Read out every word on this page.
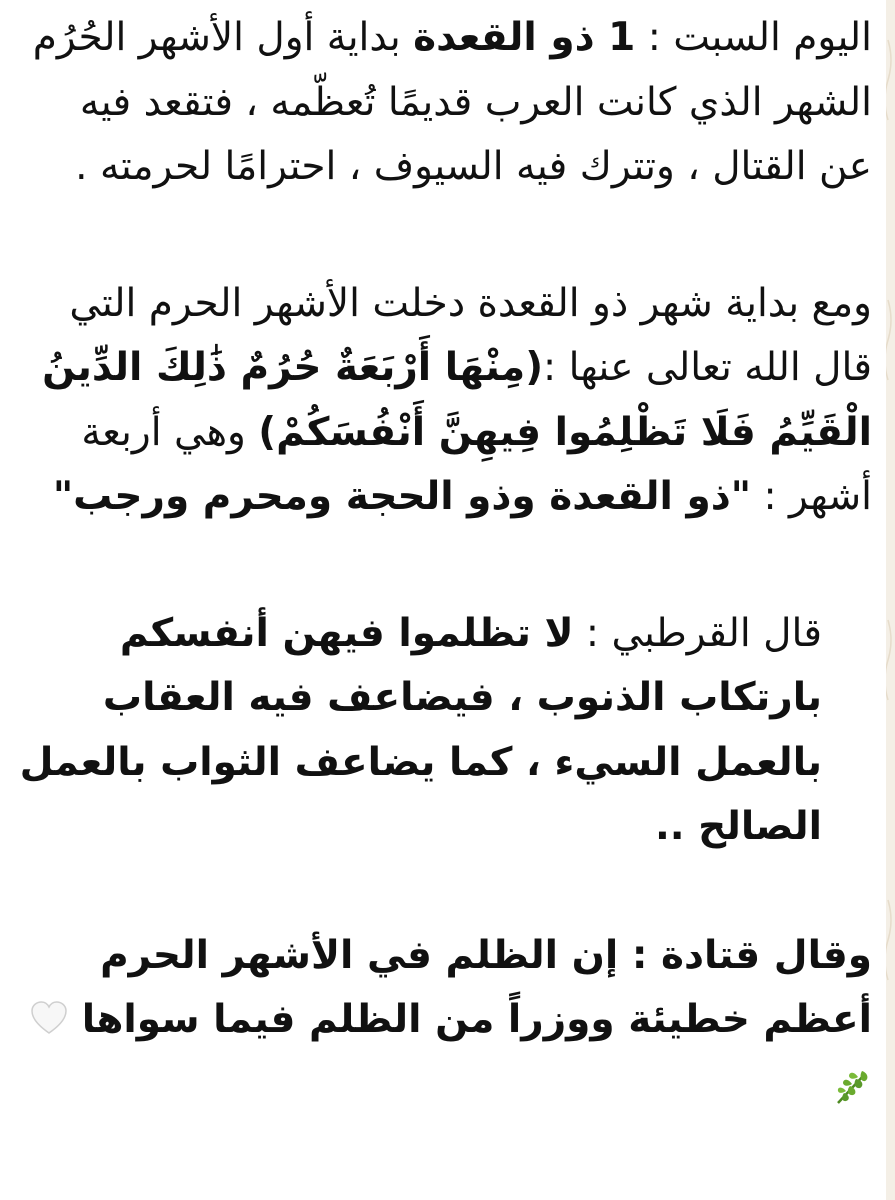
اليوم السبت : 1 ذو القعدة بداية أول الأشهر الحُرُم الشهر الذي كانت العرب قديمًا تُعظّمه ، فتقعد فيه عن القتال ، وتترك فيه السيوف ، احترامًا لحرمته .

ومع بداية شهر ذو القعدة دخلت الأشهر الحرم التي قال الله تعالى عنها :(مِنْهَا أَرْبَعَةٌ حُرُمٌ ذَٰلِكَ الدِّينُ الْقَيِّمُ فَلَا تَظْلِمُوا فِيهِنَّ أَنْفُسَكُمْ) وهي أربعة أشهر : "ذو القعدة وذو الحجة ومحرم ورجب"

قال القرطبي : لا تظلموا فيهن أنفسكم بارتكاب الذنوب ، فيضاعف فيه العقاب بالعمل السيء ، كما يضاعف الثواب بالعمل الصالح ..

وقال قتادة : إن الظلم في الأشهر الحرم أعظم خطيئة ووزراً من الظلم فيما سواها
